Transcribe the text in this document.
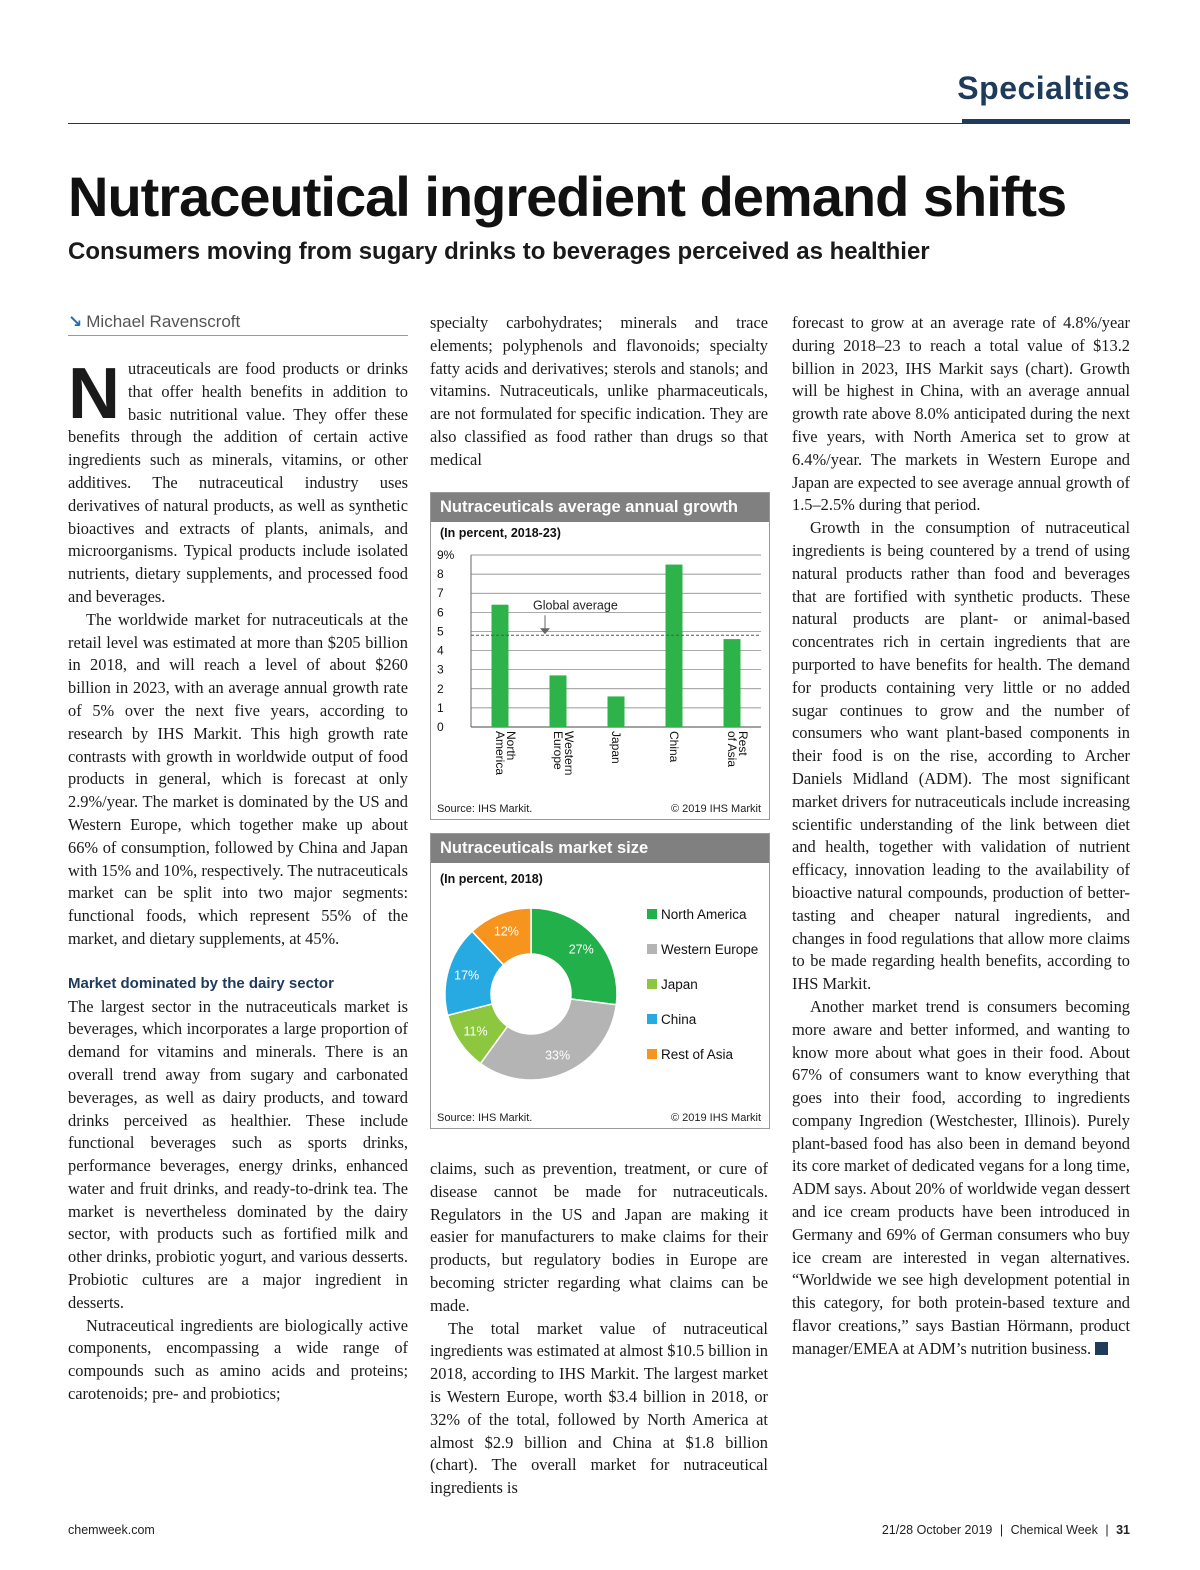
Specialties
Nutraceutical ingredient demand shifts
Consumers moving from sugary drinks to beverages perceived as healthier
↘ Michael Ravenscroft

Nutraceuticals are food products or drinks that offer health benefits in addition to basic nutritional value. They offer these benefits through the addition of certain active ingredients such as minerals, vitamins, or other additives. The nutraceutical industry uses derivatives of natural products, as well as synthetic bioactives and extracts of plants, animals, and microorganisms. Typical products include isolated nutrients, dietary supplements, and processed food and beverages.

The worldwide market for nutraceuticals at the retail level was estimated at more than $205 billion in 2018, and will reach a level of about $260 billion in 2023, with an average annual growth rate of 5% over the next five years, according to research by IHS Markit. This high growth rate contrasts with growth in worldwide output of food products in general, which is forecast at only 2.9%/year. The market is dominated by the US and Western Europe, which together make up about 66% of consumption, followed by China and Japan with 15% and 10%, respectively. The nutraceuticals market can be split into two major segments: functional foods, which represent 55% of the market, and dietary supplements, at 45%.

Market dominated by the dairy sector

The largest sector in the nutraceuticals market is beverages, which incorporates a large proportion of demand for vitamins and minerals. There is an overall trend away from sugary and carbonated beverages, as well as dairy products, and toward drinks perceived as healthier. These include functional beverages such as sports drinks, performance beverages, energy drinks, enhanced water and fruit drinks, and ready-to-drink tea. The market is nevertheless dominated by the dairy sector, with products such as fortified milk and other drinks, probiotic yogurt, and various desserts. Probiotic cultures are a major ingredient in desserts.

Nutraceutical ingredients are biologically active components, encompassing a wide range of compounds such as amino acids and proteins; carotenoids; pre- and probiotics;

specialty carbohydrates; minerals and trace elements; polyphenols and flavonoids; specialty fatty acids and derivatives; sterols and stanols; and vitamins. Nutraceuticals, unlike pharmaceuticals, are not formulated for specific indication. They are also classified as food rather than drugs so that medical

Nutraceuticals average annual growth
(In percent, 2018-23)
0
1
2
3
4
5
6
7
8
9%
North
America	Western
Europe	Japan	China	Rest
of Asia
Global average
Source: IHS Markit.	© 2019 IHS Markit
Nutraceuticals market size
(In percent, 2018)
27%
33%
11%
17%
12%
North America
Western Europe
Japan
China
Rest of Asia
Source: IHS Markit.	© 2019 IHS Markit

claims, such as prevention, treatment, or cure of disease cannot be made for nutraceuticals. Regulators in the US and Japan are making it easier for manufacturers to make claims for their products, but regulatory bodies in Europe are becoming stricter regarding what claims can be made.

The total market value of nutraceutical ingredients was estimated at almost $10.5 billion in 2018, according to IHS Markit. The largest market is Western Europe, worth $3.4 billion in 2018, or 32% of the total, followed by North America at almost $2.9 billion and China at $1.8 billion (chart). The overall market for nutraceutical ingredients is

forecast to grow at an average rate of 4.8%/year during 2018–23 to reach a total value of $13.2 billion in 2023, IHS Markit says (chart). Growth will be highest in China, with an average annual growth rate above 8.0% anticipated during the next five years, with North America set to grow at 6.4%/year. The markets in Western Europe and Japan are expected to see average annual growth of 1.5–2.5% during that period.

Growth in the consumption of nutraceutical ingredients is being countered by a trend of using natural products rather than food and beverages that are fortified with synthetic products. These natural products are plant- or animal-based concentrates rich in certain ingredients that are purported to have benefits for health. The demand for products containing very little or no added sugar continues to grow and the number of consumers who want plant-based components in their food is on the rise, according to Archer Daniels Midland (ADM). The most significant market drivers for nutraceuticals include increasing scientific understanding of the link between diet and health, together with validation of nutrient efficacy, innovation leading to the availability of bioactive natural compounds, production of better-tasting and cheaper natural ingredients, and changes in food regulations that allow more claims to be made regarding health benefits, according to IHS Markit.

Another market trend is consumers becoming more aware and better informed, and wanting to know more about what goes in their food. About 67% of consumers want to know everything that goes into their food, according to ingredients company Ingredion (Westchester, Illinois). Purely plant-based food has also been in demand beyond its core market of dedicated vegans for a long time, ADM says. About 20% of worldwide vegan dessert and ice cream products have been introduced in Germany and 69% of German consumers who buy ice cream are interested in vegan alternatives. “Worldwide we see high development potential in this category, for both protein-based texture and flavor creations,” says Bastian Hörmann, product manager/EMEA at ADM’s nutrition business.

chemweek.com	21/28 October 2019 | Chemical Week | 31
